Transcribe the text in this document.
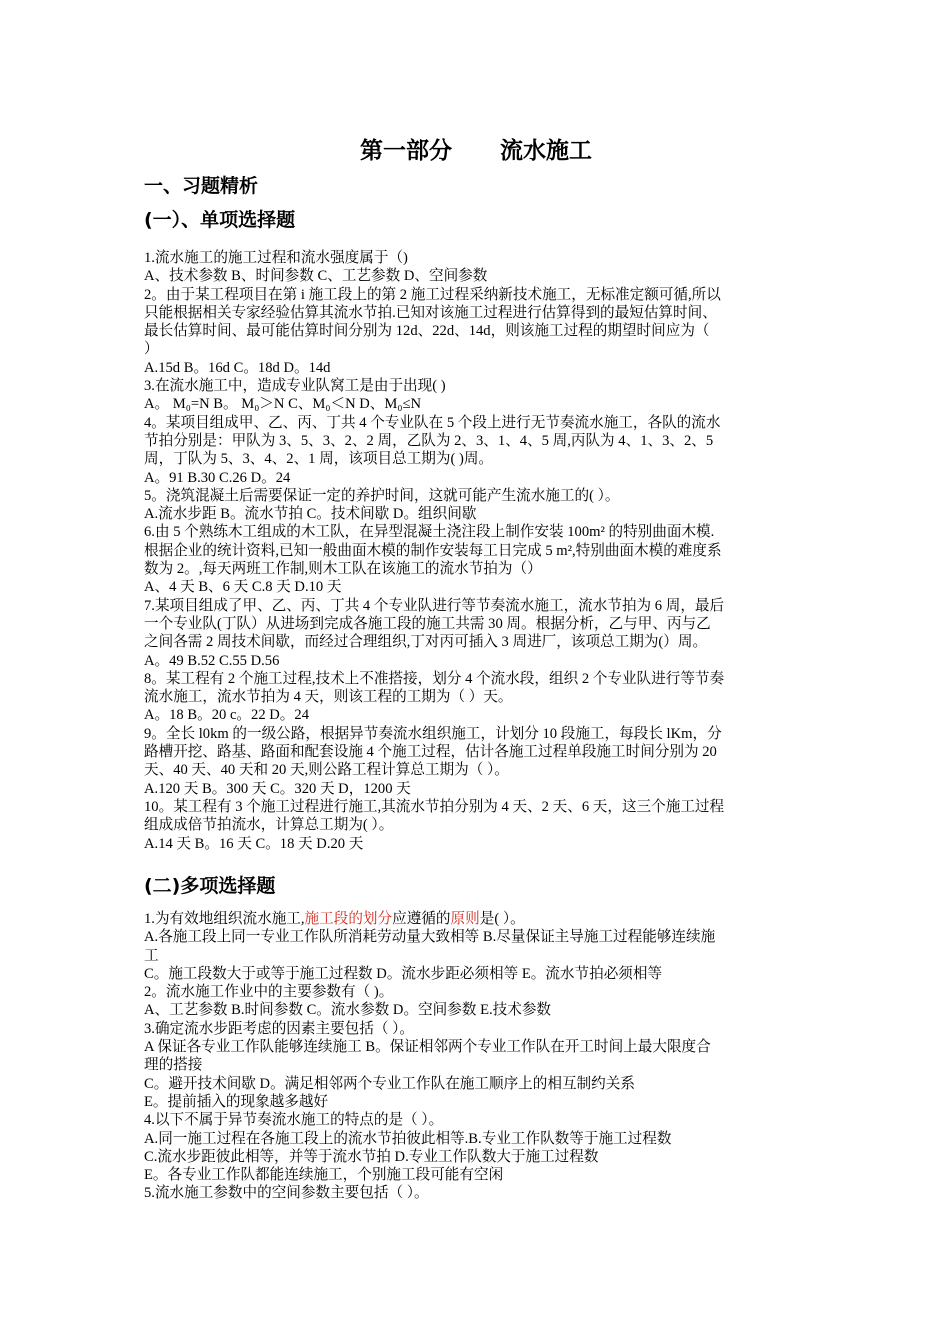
第一部分      流水施工
一、习题精析
(一）、单项选择题
1.流水施工的施工过程和流水强度属于（)
A、技术参数 B、时间参数 C、工艺参数 D、空间参数
2。由于某工程项目在第 i 施工段上的第 2 施工过程采纳新技术施工，无标准定额可循,所以
只能根据相关专家经验估算其流水节拍.已知对该施工过程进行估算得到的最短估算时间、
最长估算时间、最可能估算时间分别为 12d、22d、14d，则该施工过程的期望时间应为（
）
A.15d B。16d C。18d D。14d
3.在流水施工中，造成专业队窝工是由于出现( )
A。 M₀=N B。 M₀＞N C、M₀＜N D、M₀≤N
4。某项目组成甲、乙、丙、丁共 4 个专业队在 5 个段上进行无节奏流水施工，各队的流水
节拍分别是：甲队为 3、5、3、2、2 周，乙队为 2、3、1、4、5 周,丙队为 4、1、3、2、5
周，丁队为 5、3、4、2、1 周，该项目总工期为( )周。
A。91 B.30 C.26 D。24
5。浇筑混凝土后需要保证一定的养护时间，这就可能产生流水施工的( ）。
A.流水步距 B。流水节拍 C。技术间歇 D。组织间歇
6.由 5 个熟练木工组成的木工队，在异型混凝土浇注段上制作安装 100m² 的特别曲面木模.
根据企业的统计资料,已知一般曲面木模的制作安装每工日完成 5 m²,特别曲面木模的难度系
数为 2。,每天两班工作制,则木工队在该施工的流水节拍为（）
A、4 天 B、6 天 C.8 天 D.10 天
7.某项目组成了甲、乙、丙、丁共 4 个专业队进行等节奏流水施工，流水节拍为 6 周，最后
一个专业队(丁队）从进场到完成各施工段的施工共需 30 周。根据分析，乙与甲、丙与乙
之间各需 2 周技术间歇，而经过合理组织,丁对丙可插入 3 周进厂，该项总工期为(）周。
A。49 B.52 C.55 D.56
8。某工程有 2 个施工过程,技术上不准搭接，划分 4 个流水段，组织 2 个专业队进行等节奏
流水施工，流水节拍为 4 天，则该工程的工期为（ ）天。
A。18 B。20 c。22 D。24
9。全长 l0km 的一级公路，根据异节奏流水组织施工，计划分 10 段施工，每段长 lKm，分
路槽开挖、路基、路面和配套设施 4 个施工过程，估计各施工过程单段施工时间分别为 20
天、40 天、40 天和 20 天,则公路工程计算总工期为（ ）。
A.120 天 B。300 天 C。320 天 D，1200 天
10。某工程有 3 个施工过程进行施工,其流水节拍分别为 4 天、2 天、6 天，这三个施工过程
组成成倍节拍流水，计算总工期为( ）。
A.14 天 B。16 天 C。18 天 D.20 天
(二)多项选择题
1.为有效地组织流水施工,施工段的划分应遵循的原则是( ）。
A.各施工段上同一专业工作队所消耗劳动量大致相等 B.尽量保证主导施工过程能够连续施
工
C。施工段数大于或等于施工过程数 D。流水步距必须相等 E。流水节拍必须相等
2。流水施工作业中的主要参数有（ )。
A、工艺参数 B.时间参数 C。流水参数 D。空间参数 E.技术参数
3.确定流水步距考虑的因素主要包括（ ）。
A 保证各专业工作队能够连续施工 B。保证相邻两个专业工作队在开工时间上最大限度合
理的搭接
C。避开技术间歇 D。满足相邻两个专业工作队在施工顺序上的相互制约关系
E。提前插入的现象越多越好
4.以下不属于异节奏流水施工的特点的是（ ）。
A.同一施工过程在各施工段上的流水节拍彼此相等.B.专业工作队数等于施工过程数
C.流水步距彼此相等，并等于流水节拍 D.专业工作队数大于施工过程数
E。各专业工作队都能连续施工，个别施工段可能有空闲
5.流水施工参数中的空间参数主要包括（ ）。
